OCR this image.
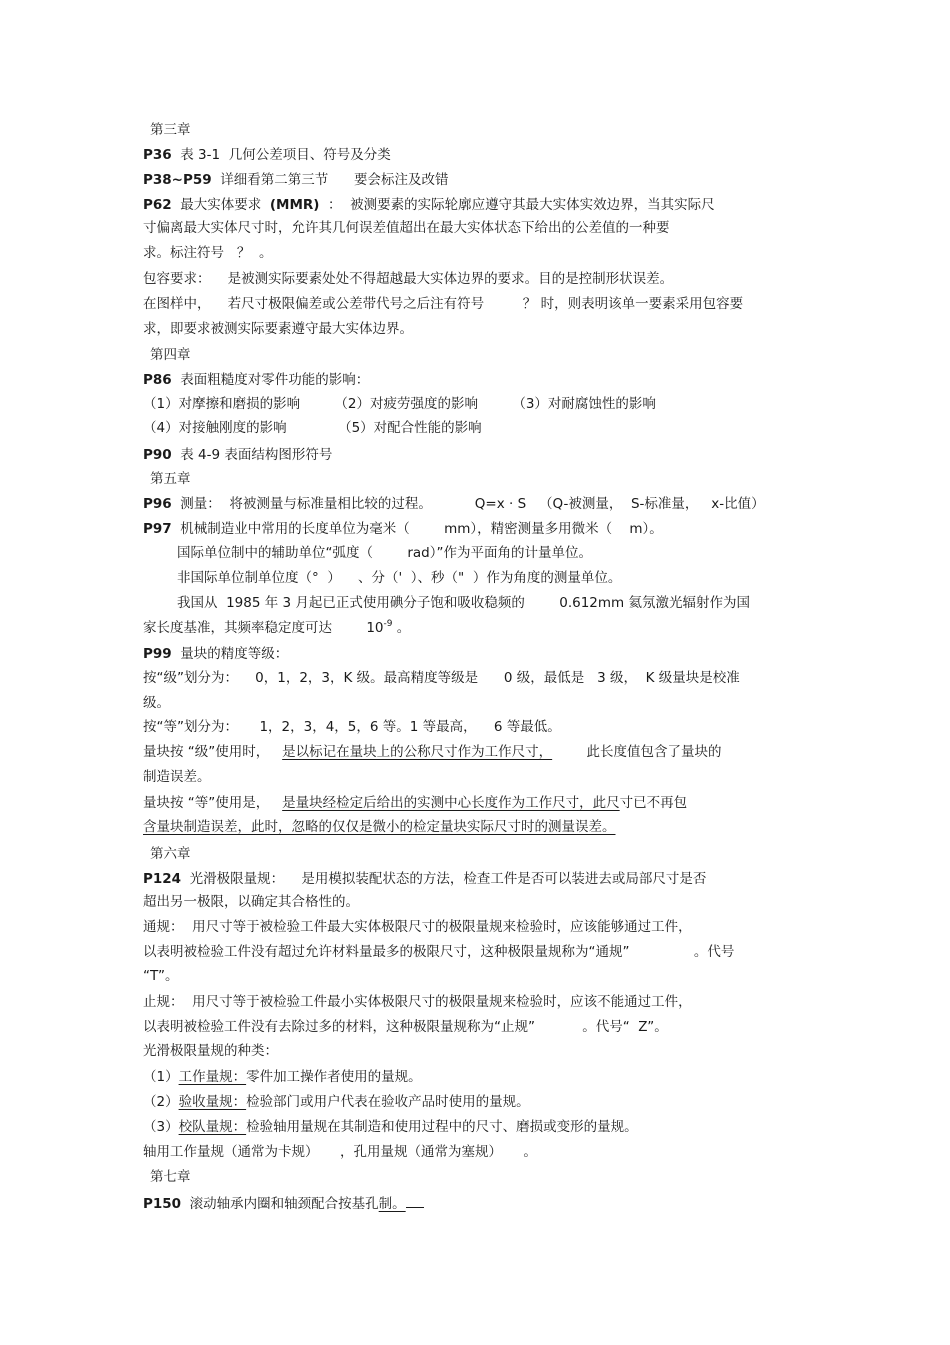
第三章
P36  表 3-1  几何公差项目、符号及分类
P38~P59  详细看第二第三节      要会标注及改错
P62  最大实体要求  (MMR)  ：  被测要素的实际轮廓应遵守其最大实体实效边界，当其实际尺
寸偏离最大实体尺寸时，允许其几何误差值超出在最大实体状态下给出的公差值的一种要
求。标注符号   ？  。
包容要求：    是被测实际要素处处不得超越最大实体边界的要求。目的是控制形状误差。
在图样中，    若尺寸极限偏差或公差带代号之后注有符号         ？ 时，则表明该单一要素采用包容要
求，即要求被测实际要素遵守最大实体边界。
第四章
P86  表面粗糙度对零件功能的影响：
（1）对摩擦和磨损的影响        （2）对疲劳强度的影响        （3）对耐腐蚀性的影响
（4）对接触刚度的影响            （5）对配合性能的影响
P90  表 4-9 表面结构图形符号
第五章
P96  测量：  将被测量与标准量相比较的过程。          Q=x · S   （Q-被测量，  S-标准量，   x-比值）
P97  机械制造业中常用的长度单位为毫米（        mm），精密测量多用微米（    m）。
国际单位制中的辅助单位“弧度（        rad）”作为平面角的计量单位。
非国际单位制单位度（°  ）    、分（'  ）、秒（"  ）作为角度的测量单位。
我国从  1985 年 3 月起已正式使用碘分子饱和吸收稳频的        0.612mm 氦氖激光辐射作为国
家长度基准，其频率稳定度可达        $10^{-9}$ 。
P99  量块的精度等级：
按“级”划分为：    0，1，2，3，K 级。最高精度等级是      0 级，最低是   3 级，  K 级量块是校准
级。
按“等”划分为：     1，2，3，4，5，6 等。1 等最高，    6 等最低。
量块按 “级”使用时，   是以标记在量块上的公称尺寸作为工作尺寸，        此长度值包含了量块的
制造误差。
量块按 “等”使用是，   是量块经检定后给出的实测中心长度作为工作尺寸，此尺寸已不再包
含量块制造误差，此时，忽略的仅仅是微小的检定量块实际尺寸时的测量误差。
第六章
P124  光滑极限量规：    是用模拟装配状态的方法，检查工件是否可以装进去或局部尺寸是否
超出另一极限，以确定其合格性的。
通规：  用尺寸等于被检验工件最大实体极限尺寸的极限量规来检验时，应该能够通过工件，
以表明被检验工件没有超过允许材料量最多的极限尺寸，这种极限量规称为“通规”               。代号
“T”。
止规：  用尺寸等于被检验工件最小实体极限尺寸的极限量规来检验时，应该不能通过工件，
以表明被检验工件没有去除过多的材料，这种极限量规称为“止规”           。代号“  Z”。
光滑极限量规的种类：
（1）工作量规：零件加工操作者使用的量规。
（2）验收量规：检验部门或用户代表在验收产品时使用的量规。
（3）校队量规：检验轴用量规在其制造和使用过程中的尺寸、磨损或变形的量规。
轴用工作量规（通常为卡规）     ，孔用量规（通常为塞规）     。
第七章
P150  滚动轴承内圈和轴颈配合按基孔制。
